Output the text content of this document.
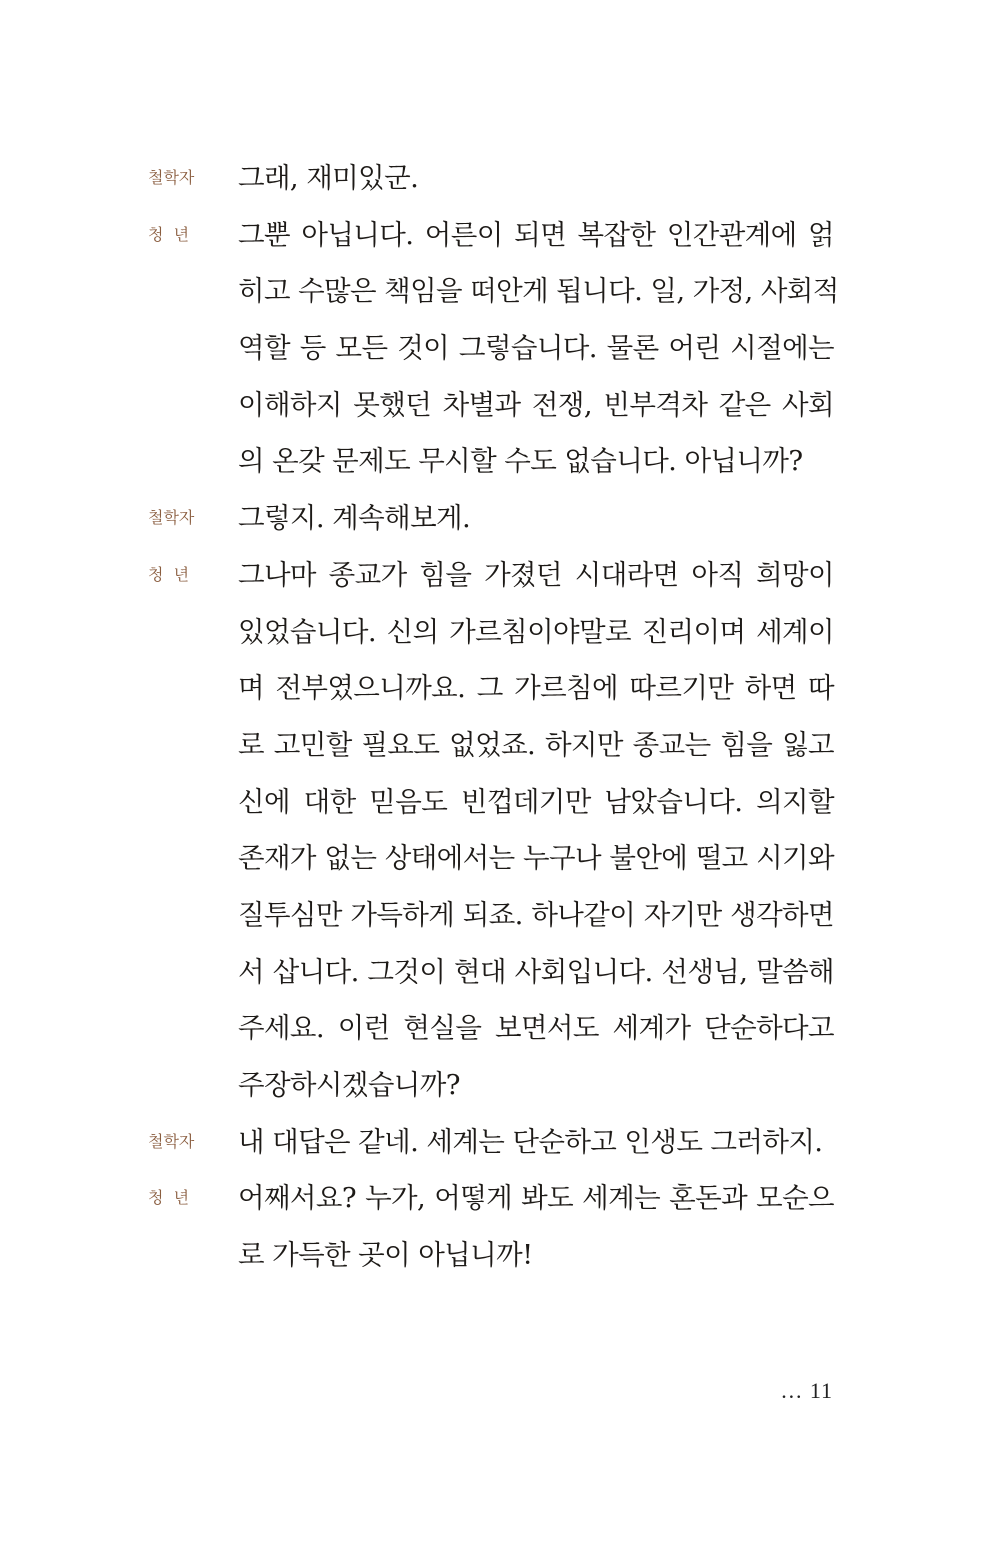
철학자	그래, 재미있군.
청  년	그뿐 아닙니다. 어른이 되면 복잡한 인간관계에 얽
히고 수많은 책임을 떠안게 됩니다. 일, 가정, 사회적
역할 등 모든 것이 그렇습니다. 물론 어린 시절에는
이해하지 못했던 차별과 전쟁, 빈부격차 같은 사회
의 온갖 문제도 무시할 수도 없습니다. 아닙니까?
철학자	그렇지. 계속해보게.
청  년	그나마 종교가 힘을 가졌던 시대라면 아직 희망이
있었습니다. 신의 가르침이야말로 진리이며 세계이
며 전부였으니까요. 그 가르침에 따르기만 하면 따
로 고민할 필요도 없었죠. 하지만 종교는 힘을 잃고
신에 대한 믿음도 빈껍데기만 남았습니다. 의지할
존재가 없는 상태에서는 누구나 불안에 떨고 시기와
질투심만 가득하게 되죠. 하나같이 자기만 생각하면
서 삽니다. 그것이 현대 사회입니다. 선생님, 말씀해
주세요. 이런 현실을 보면서도 세계가 단순하다고
주장하시겠습니까?
철학자	내 대답은 같네. 세계는 단순하고 인생도 그러하지.
청  년	어째서요? 누가, 어떻게 봐도 세계는 혼돈과 모순으
로 가득한 곳이 아닙니까!
… 11
